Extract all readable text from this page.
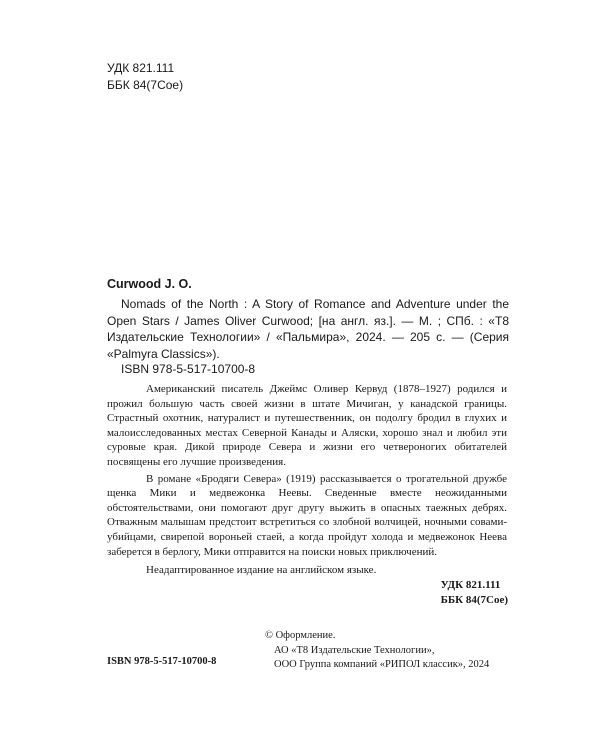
УДК 821.111
ББК 84(7Сое)
Curwood J. O.

Nomads of the North : A Story of Romance and Adventure under the Open Stars / James Oliver Curwood; [на англ. яз.]. — М. ; СПб. : «Т8 Издательские Технологии» / «Пальмира», 2024. — 205 с. — (Серия «Palmyra Classics»).

ISBN 978-5-517-10700-8

Американский писатель Джеймс Оливер Кервуд (1878–1927) родился и прожил большую часть своей жизни в штате Мичиган, у канадской границы. Страстный охотник, натуралист и путешественник, он подолгу бродил в глухих и малоисследованных местах Северной Канады и Аляски, хорошо знал и любил эти суровые края. Дикой природе Севера и жизни его четвероногих обитателей посвящены его лучшие произведения.

В романе «Бродяги Севера» (1919) рассказывается о трогательной дружбе щенка Мики и медвежонка Неевы. Сведенные вместе неожиданными обстоятельствами, они помогают друг другу выжить в опасных таежных дебрях. Отважным малышам предстоит встретиться со злобной волчицей, ночными совами-убийцами, свирепой вороньей стаей, а когда пройдут холода и медвежонок Неева заберется в берлогу, Мики отправится на поиски новых приключений.

Неадаптированное издание на английском языке.

УДК 821.111
ББК 84(7Сое)
ISBN 978-5-517-10700-8
© Оформление.
АО «Т8 Издательские Технологии»,
ООО Группа компаний «РИПОЛ классик», 2024
